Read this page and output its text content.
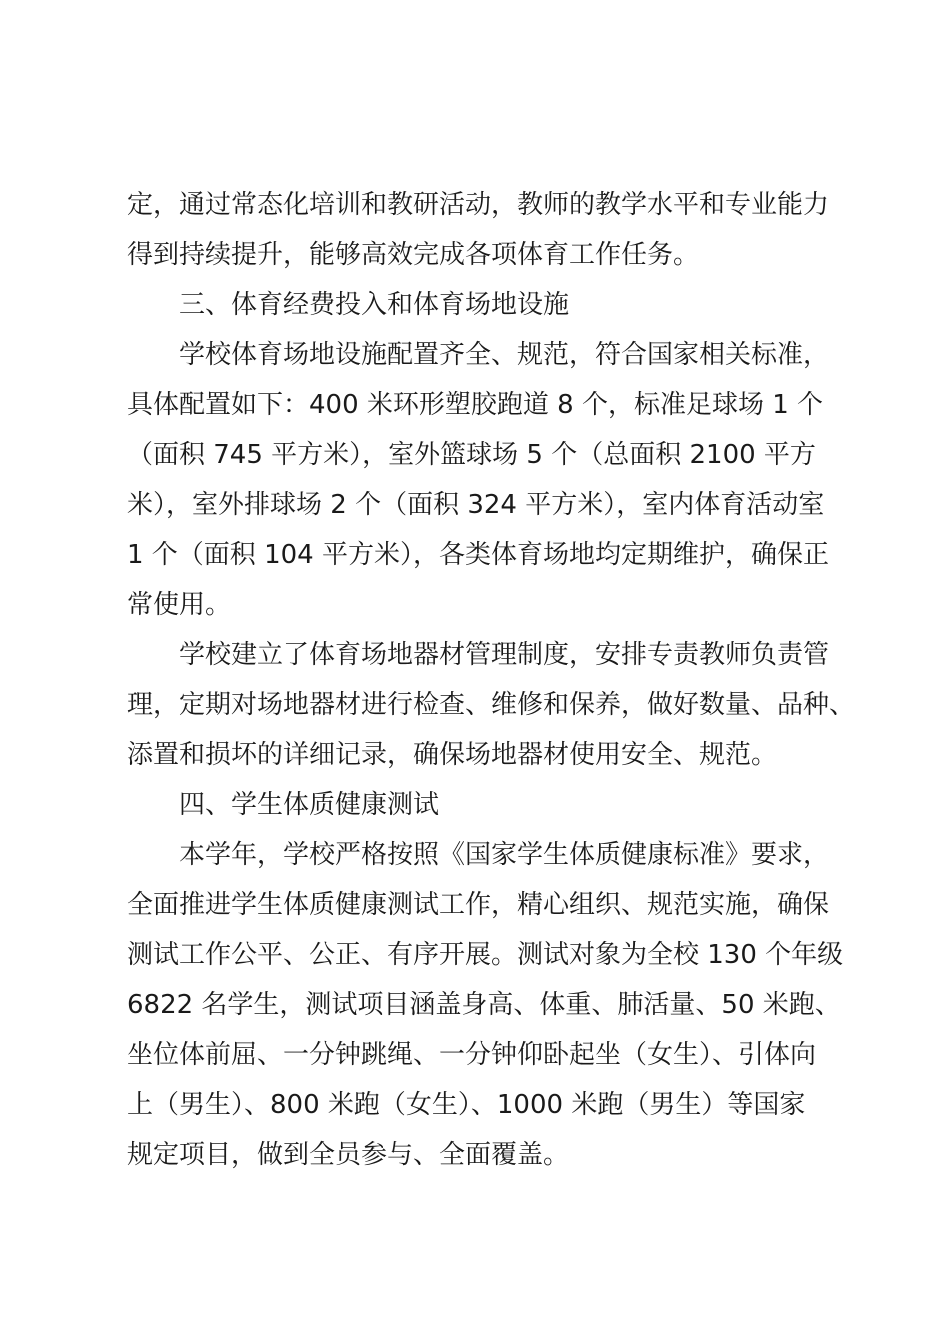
定，通过常态化培训和教研活动，教师的教学水平和专业能力
得到持续提升，能够高效完成各项体育工作任务。
三、体育经费投入和体育场地设施
学校体育场地设施配置齐全、规范，符合国家相关标准，
具体配置如下：400 米环形塑胶跑道 8 个，标准足球场 1 个
（面积 745 平方米），室外篮球场 5 个（总面积 2100 平方
米），室外排球场 2 个（面积 324 平方米），室内体育活动室
1 个（面积 104 平方米），各类体育场地均定期维护，确保正
常使用。
学校建立了体育场地器材管理制度，安排专责教师负责管
理，定期对场地器材进行检查、维修和保养，做好数量、品种、
添置和损坏的详细记录，确保场地器材使用安全、规范。
四、学生体质健康测试
本学年，学校严格按照《国家学生体质健康标准》要求，
全面推进学生体质健康测试工作，精心组织、规范实施，确保
测试工作公平、公正、有序开展。测试对象为全校 130 个年级
6822 名学生，测试项目涵盖身高、体重、肺活量、50 米跑、
坐位体前屈、一分钟跳绳、一分钟仰卧起坐（女生）、引体向
上（男生）、800 米跑（女生）、1000 米跑（男生）等国家
规定项目，做到全员参与、全面覆盖。
